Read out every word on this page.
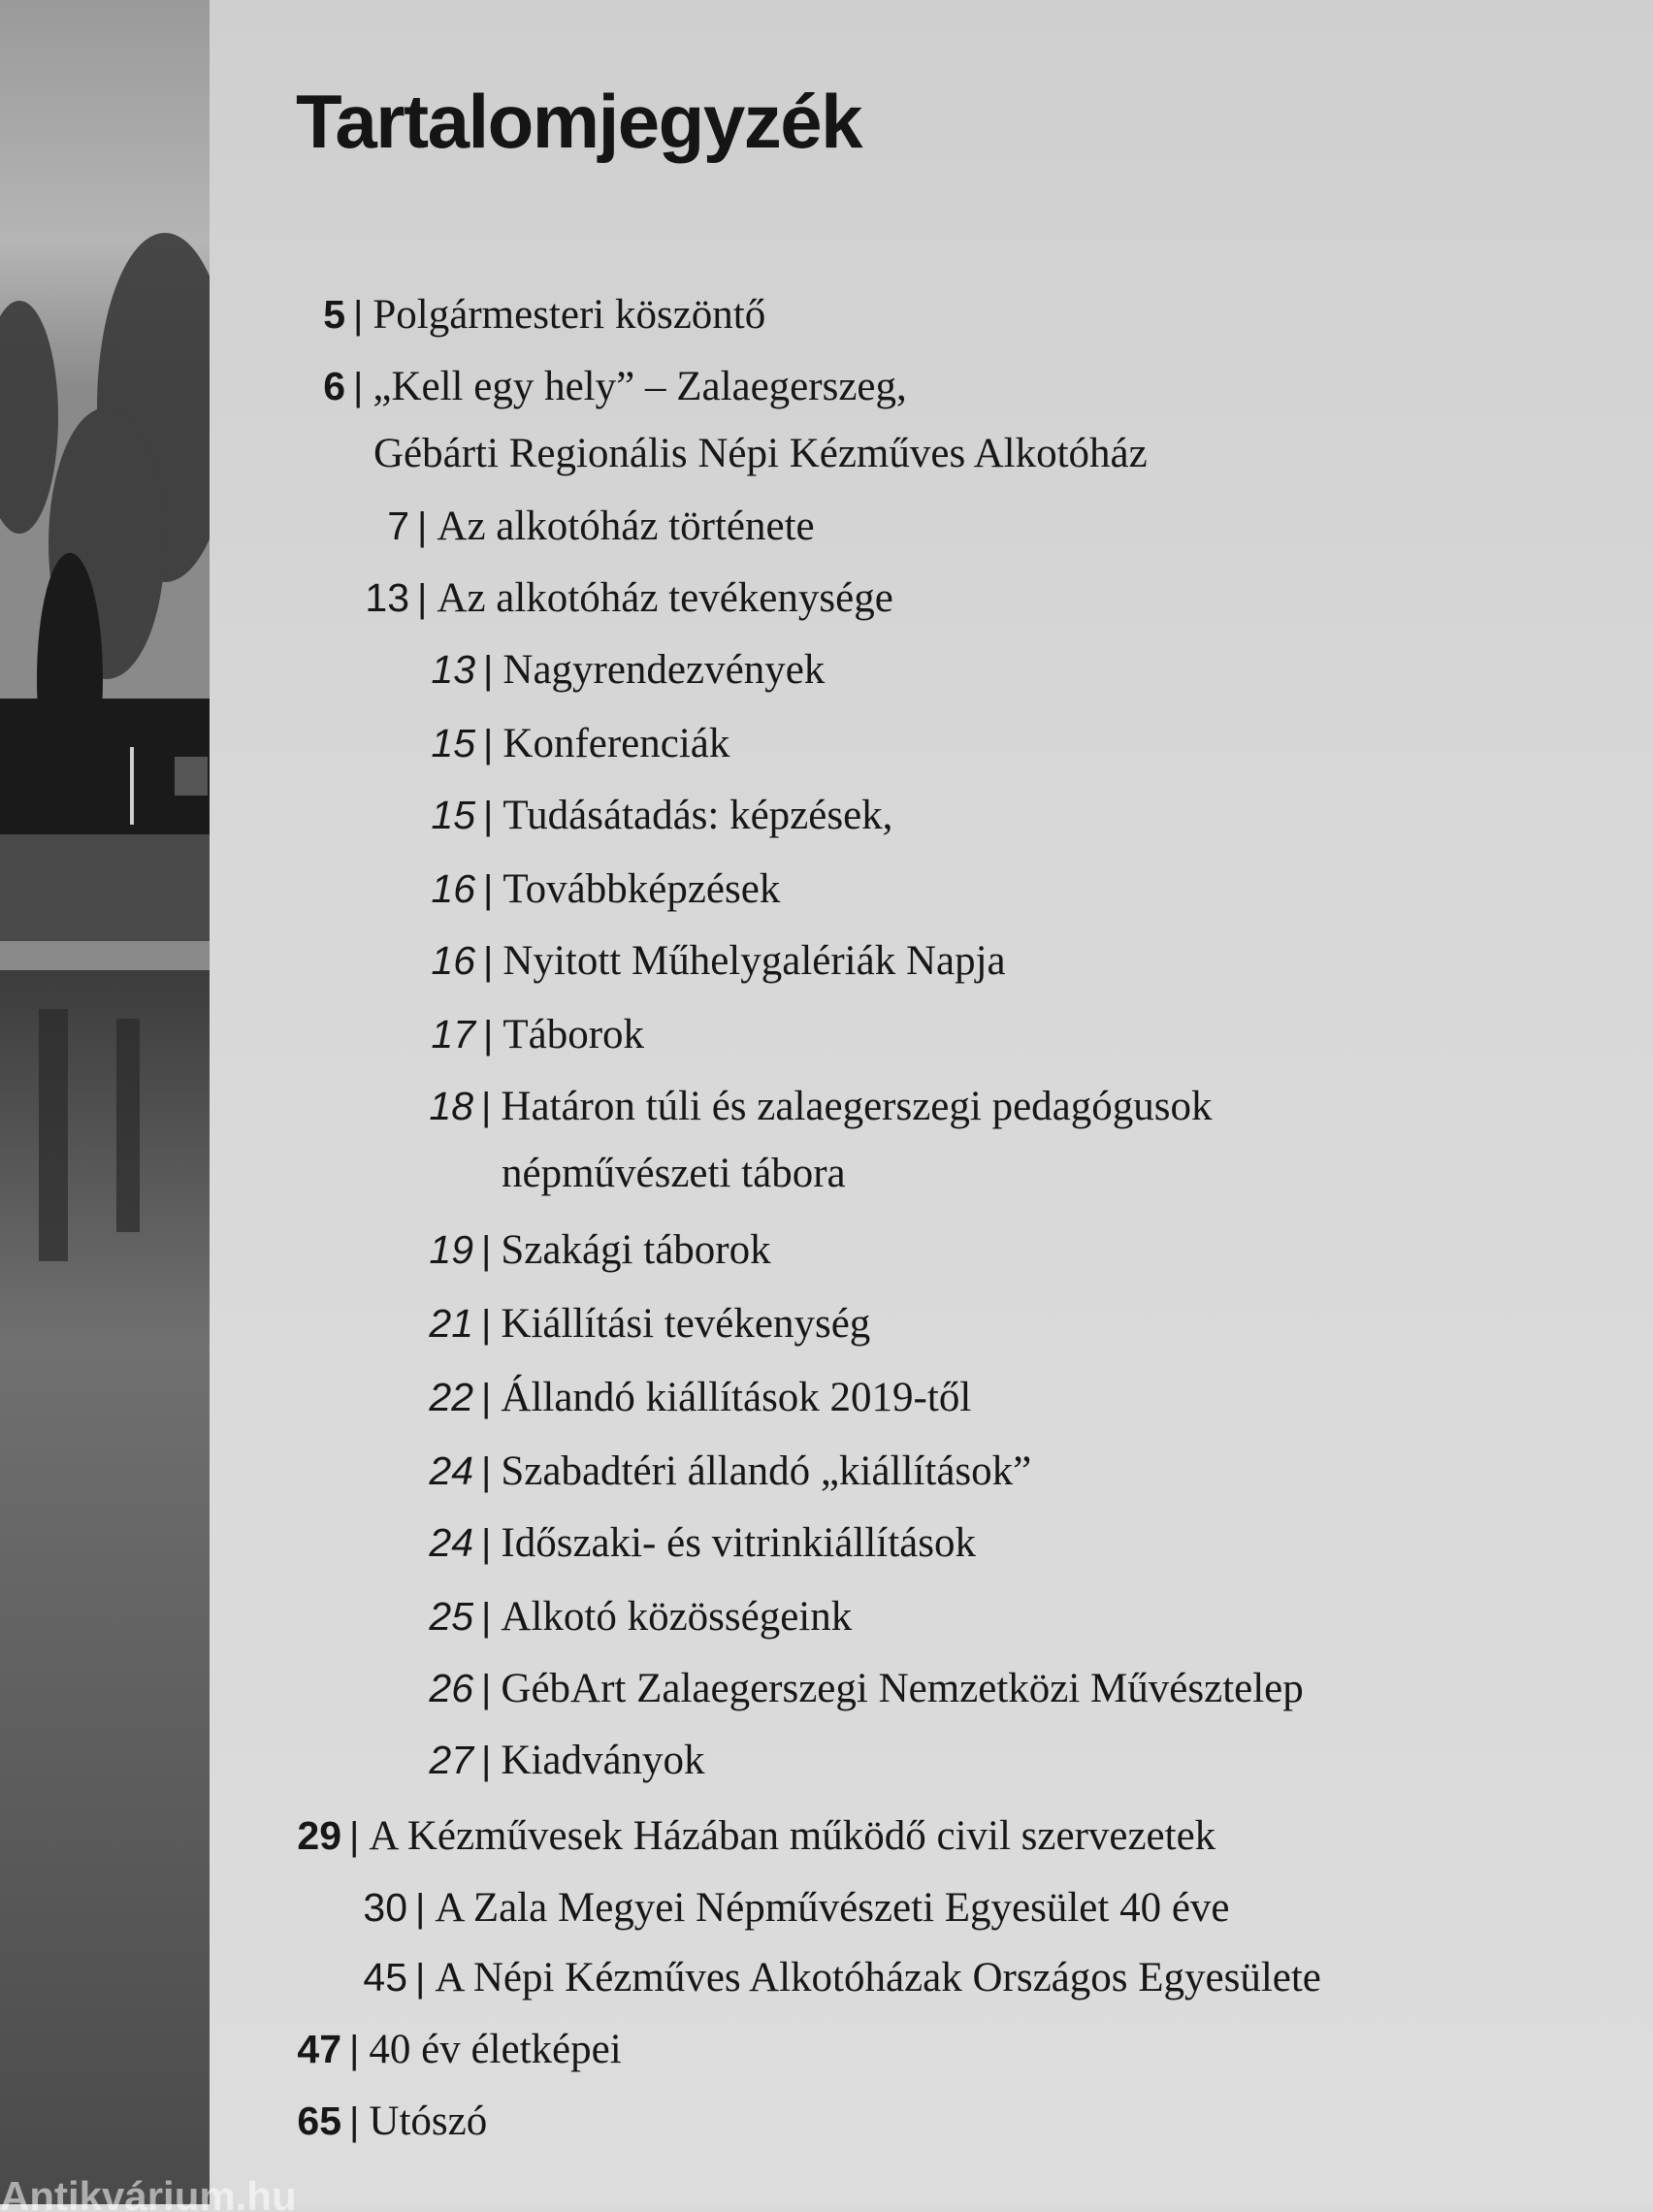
Tartalomjegyzék
5 | Polgármesteri köszöntő
6 | „Kell egy hely” – Zalaegerszeg,
Gébárti Regionális Népi Kézműves Alkotóház
7 | Az alkotóház története
13 | Az alkotóház tevékenysége
13 | Nagyrendezvények
15 | Konferenciák
15 | Tudásátadás: képzések,
16 | Továbbképzések
16 | Nyitott Műhelygalériák Napja
17 | Táborok
18 | Határon túli és zalaegerszegi pedagógusok
népművészeti tábora
19 | Szakági táborok
21 | Kiállítási tevékenység
22 | Állandó kiállítások 2019-től
24 | Szabadtéri állandó „kiállítások”
24 | Időszaki- és vitrinkiállítások
25 | Alkotó közösségeink
26 | GébArt Zalaegerszegi Nemzetközi Művésztelep
27 | Kiadványok
29 | A Kézművesek Házában működő civil szervezetek
30 | A Zala Megyei Népművészeti Egyesület 40 éve
45 | A Népi Kézműves Alkotóházak Országos Egyesülete
47 | 40 év életképei
65 | Utószó
Antikvárium.hu
